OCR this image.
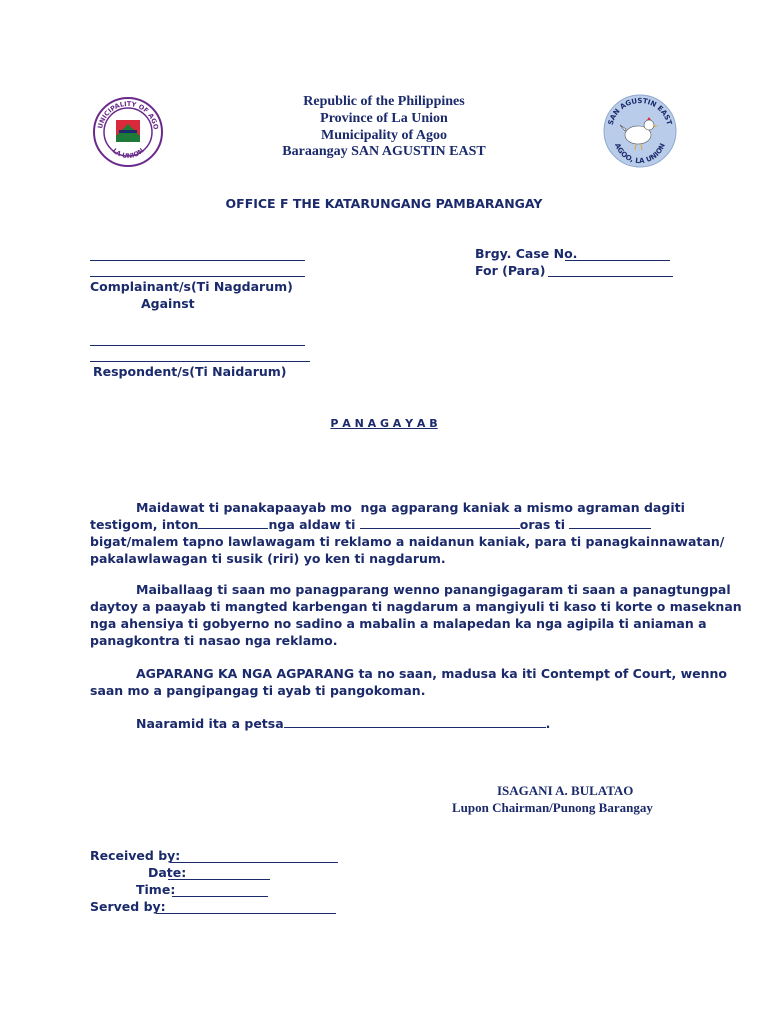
UNICIPALITY OF AGO
LA UNION
SAN AGUSTIN EAST
AGOO, LA UNION
Republic of the Philippines
Province of La Union
Municipality of Agoo
Baraangay SAN AGUSTIN EAST
OFFICE F THE KATARUNGANG PAMBARANGAY
Complainant/s(Ti Nagdarum)
Against
Brgy. Case No.
For (Para)
Respondent/s(Ti Naidarum)
P A N A G A Y A B
Maidawat ti panakapaayab mo  nga agparang kaniak a mismo agraman dagiti
testigom, inton	nga aldaw ti	oras ti
bigat/malem tapno lawlawagam ti reklamo a naidanun kaniak, para ti panagkainnawatan/
pakalawlawagan ti susik (riri) yo ken ti nagdarum.
Maiballaag ti saan mo panagparang wenno panangigagaram ti saan a panagtungpal
daytoy a paayab ti mangted karbengan ti nagdarum a mangiyuli ti kaso ti korte o maseknan
nga ahensiya ti gobyerno no sadino a mabalin a malapedan ka nga agipila ti aniaman a
panagkontra ti nasao nga reklamo.
AGPARANG KA NGA AGPARANG ta no saan, madusa ka iti Contempt of Court, wenno
saan mo a pangipangag ti ayab ti pangokoman.
Naaramid ita a petsa	.
ISAGANI A. BULATAO
Lupon Chairman/Punong Barangay
Received by:
Date:
Time:
Served by:
